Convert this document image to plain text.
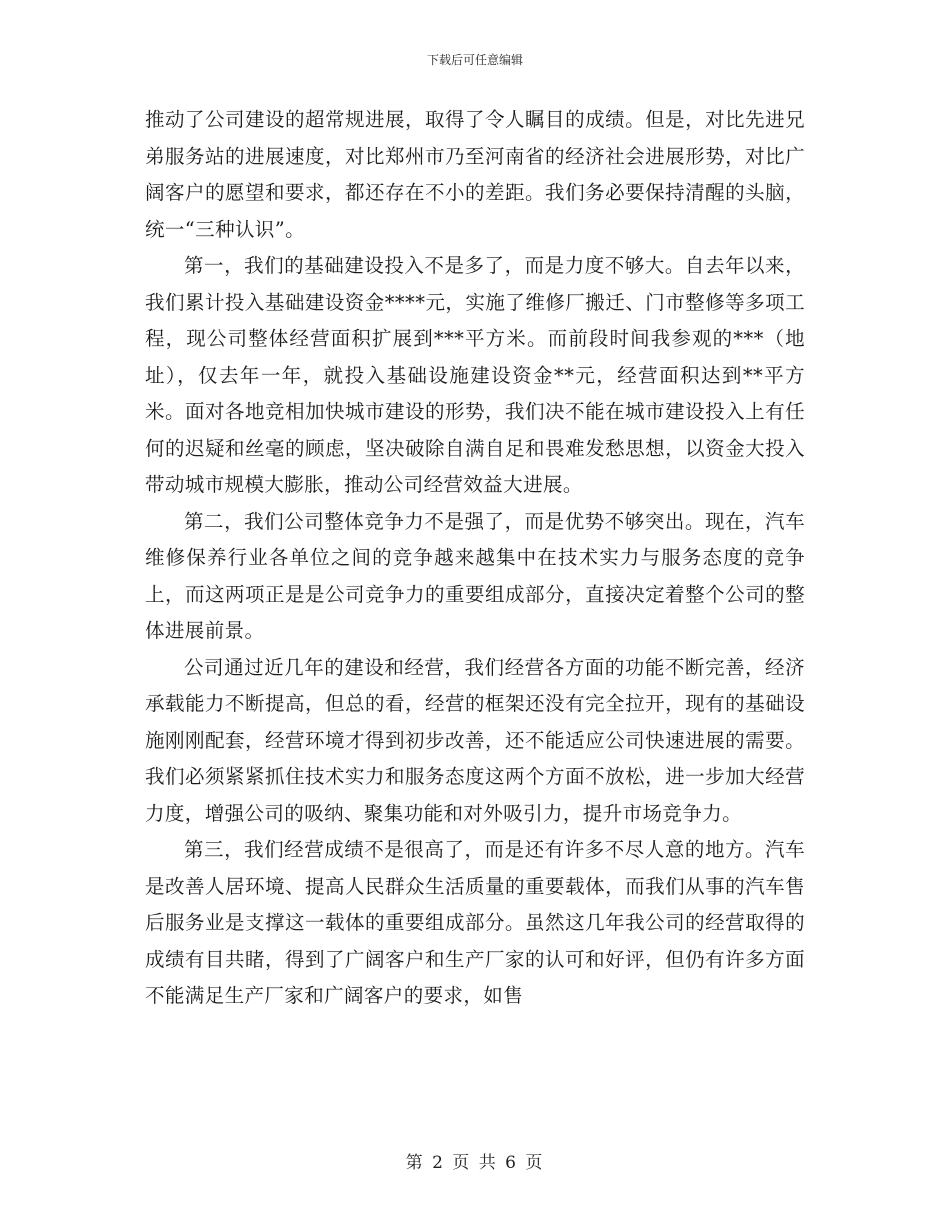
下载后可任意编辑

推动了公司建设的超常规进展，取得了令人瞩目的成绩。但是，对比先进兄弟服务站的进展速度，对比郑州市乃至河南省的经济社会进展形势，对比广阔客户的愿望和要求，都还存在不小的差距。我们务必要保持清醒的头脑，统一“三种认识”。

第一，我们的基础建设投入不是多了，而是力度不够大。自去年以来，我们累计投入基础建设资金****元，实施了维修厂搬迁、门市整修等多项工程，现公司整体经营面积扩展到***平方米。而前段时间我参观的***（地址），仅去年一年，就投入基础设施建设资金**元，经营面积达到**平方米。面对各地竞相加快城市建设的形势，我们决不能在城市建设投入上有任何的迟疑和丝毫的顾虑，坚决破除自满自足和畏难发愁思想，以资金大投入带动城市规模大膨胀，推动公司经营效益大进展。

第二，我们公司整体竞争力不是强了，而是优势不够突出。现在，汽车维修保养行业各单位之间的竞争越来越集中在技术实力与服务态度的竞争上，而这两项正是是公司竞争力的重要组成部分，直接决定着整个公司的整体进展前景。

公司通过近几年的建设和经营，我们经营各方面的功能不断完善，经济承载能力不断提高，但总的看，经营的框架还没有完全拉开，现有的基础设施刚刚配套，经营环境才得到初步改善，还不能适应公司快速进展的需要。我们必须紧紧抓住技术实力和服务态度这两个方面不放松，进一步加大经营力度，增强公司的吸纳、聚集功能和对外吸引力，提升市场竞争力。

第三，我们经营成绩不是很高了，而是还有许多不尽人意的地方。汽车是改善人居环境、提高人民群众生活质量的重要载体，而我们从事的汽车售后服务业是支撑这一载体的重要组成部分。虽然这几年我公司的经营取得的成绩有目共睹，得到了广阔客户和生产厂家的认可和好评，但仍有许多方面不能满足生产厂家和广阔客户的要求，如售

第 2 页 共 6 页
